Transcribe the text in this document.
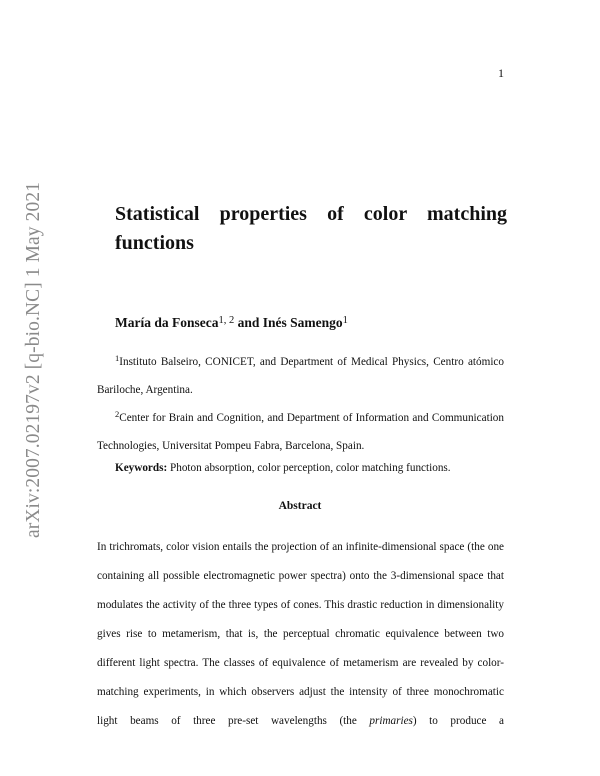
1
arXiv:2007.02197v2 [q-bio.NC] 1 May 2021	Statistical properties of color matching functions
María da Fonseca$^{1, 2}$ and Inés Samengo$^1$

$^1$Instituto Balseiro, CONICET, and Department of Medical Physics, Centro atómico Bariloche, Argentina.

$^2$Center for Brain and Cognition, and Department of Information and Communication Technologies, Universitat Pompeu Fabra, Barcelona, Spain.

Keywords: Photon absorption, color perception, color matching functions.
Abstract

In trichromats, color vision entails the projection of an infinite-dimensional space (the one containing all possible electromagnetic power spectra) onto the 3-dimensional space that modulates the activity of the three types of cones. This drastic reduction in dimensionality gives rise to metamerism, that is, the perceptual chromatic equivalence between two different light spectra. The classes of equivalence of metamerism are revealed by color-matching experiments, in which observers adjust the intensity of three monochromatic light beams of three pre-set wavelengths (the primaries) to produce a
